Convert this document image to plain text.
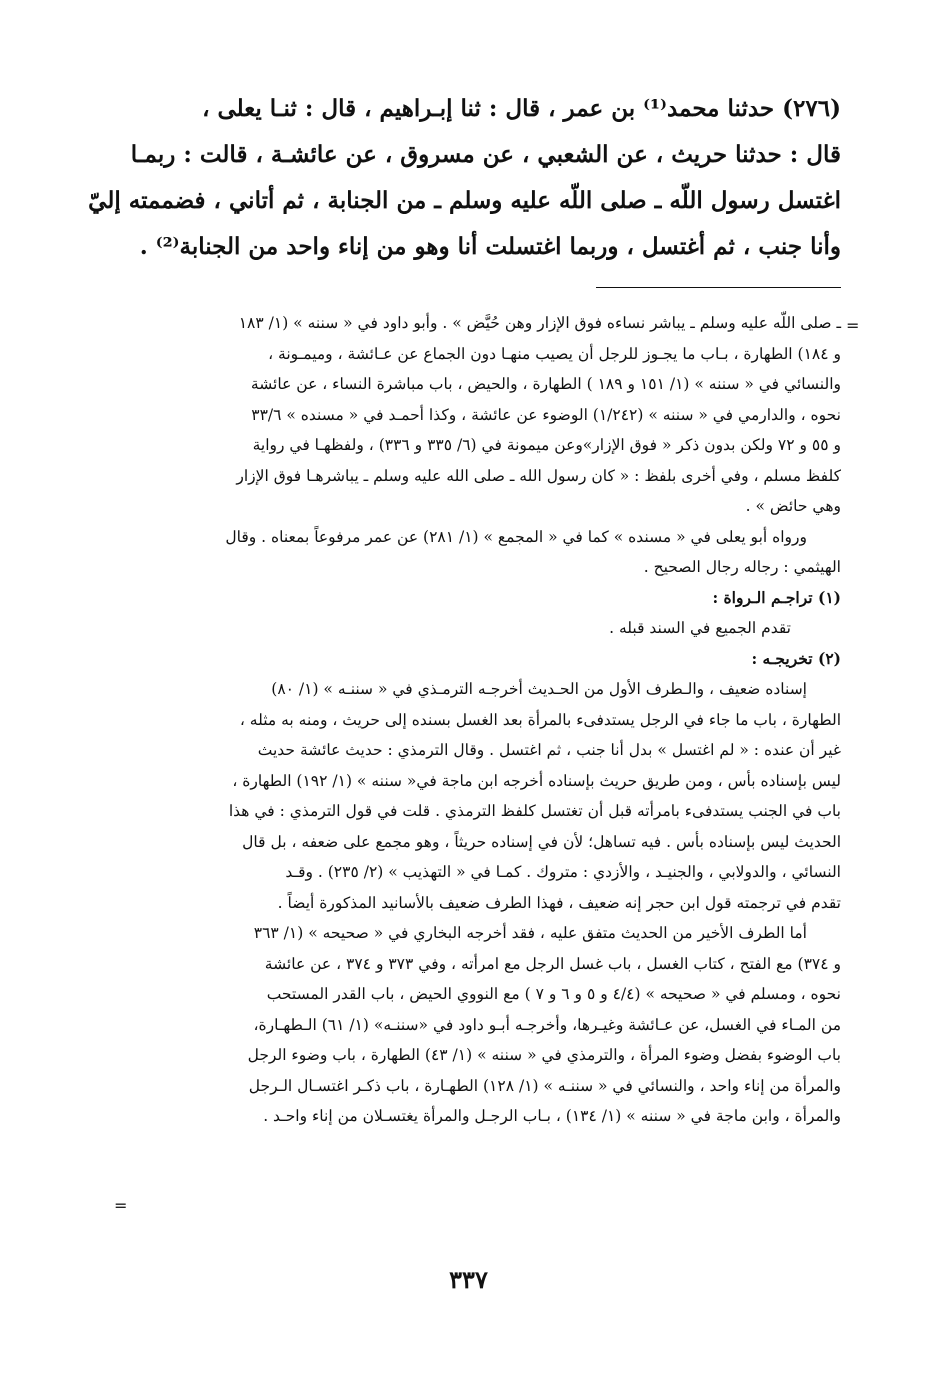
(٢٧٦) حدثنا محمد⁽¹⁾ بن عمر ، قال : ثنا إبـراهيم ، قال : ثنـا يعلى ،
قال : حدثنا حريث ، عن الشعبي ، عن مسروق ، عن عائشـة ، قالت : ربمـا
اغتسل رسول اللّه ـ صلى اللّه عليه وسلم ـ من الجنابة ، ثم أتاني ، فضممته إليّ
وأنا جنب ، ثم أغتسل ، وربما اغتسلت أنا وهو من إناء واحد من الجنابة⁽²⁾ .
=
ـ صلى اللّه عليه وسلم ـ يباشر نساءه فوق الإزار وهن حُيَّض » . وأبو داود في « سننه » (١/ ١٨٣
و ١٨٤) الطهارة ، بـاب ما يجـوز للرجل أن يصيب منهـا دون الجماع عن عـائشة ، وميمـونة ،
والنسائي في « سننه » (١/ ١٥١ و ١٨٩ ) الطهارة ، والحيض ، باب مباشرة النساء ، عن عائشة
نحوه ، والدارمي في « سننه » (١/٢٤٢) الوضوء عن عائشة ، وكذا أحمـد في « مسنده » ٣٣/٦
و ٥٥ و ٧٢ ولكن بدون ذكر « فوق الإزار»وعن ميمونة في (٦/ ٣٣٥ و ٣٣٦) ، ولفظهـا في رواية
كلفظ مسلم ، وفي أخرى بلفظ : « كان رسول الله ـ صلى الله عليه وسلم ـ يباشرهـا فوق الإزار
وهي حائض » .
ورواه أبو يعلى في « مسنده » كما في « المجمع » (١/ ٢٨١) عن عمر مرفوعاً بمعناه . وقال
الهيثمي : رجاله رجال الصحيح .
(١) تراجـم الـرواة :
تقدم الجميع في السند قبله .
(٢) تخريجـه :
إسناده ضعيف ، والـطرف الأول من الحـديث أخرجـه الترمـذي في « سننـه » (١/ ٨٠)
الطهارة ، باب ما جاء في الرجل يستدفىء بالمرأة بعد الغسل بسنده إلى حريث ، ومنه به مثله ،
غير أن عنده : « لم اغتسل » بدل أنا جنب ، ثم اغتسل . وقال الترمذي : حديث عائشة حديث
ليس بإسناده بأس ، ومن طريق حريث بإسناده أخرجه ابن ماجة في« سننه » (١/ ١٩٢) الطهارة ،
باب في الجنب يستدفىء بامرأته قبل أن تغتسل كلفظ الترمذي . قلت في قول الترمذي : في هذا
الحديث ليس بإسناده بأس . فيه تساهل؛ لأن في إسناده حريثاً ، وهو مجمع على ضعفه ، بل قال
النسائي ، والدولابي ، والجنيـد ، والأزدي : متروك . كمـا في « التهذيب » (٢/ ٢٣٥) . وقـد
تقدم في ترجمته قول ابن حجر إنه ضعيف ، فهذا الطرف ضعيف بالأسانيد المذكورة أيضاً .
أما الطرف الأخير من الحديث متفق عليه ، فقد أخرجه البخاري في « صحيحه » (١/ ٣٦٣
و ٣٧٤) مع الفتح ، كتاب الغسل ، باب غسل الرجل مع امرأته ، وفي ٣٧٣ و ٣٧٤ ، عن عائشة
نحوه ، ومسلم في « صحيحه » (٤/٤ و ٥ و ٦ و ٧ ) مع النووي الحيض ، باب القدر المستحب
من المـاء في الغسل، عن عـائشة وغيـرها، وأخرجـه أبـو داود في «سننـه» (١/ ٦١) الـطهـارة،
باب الوضوء بفضل وضوء المرأة ، والترمذي في « سننه » (١/ ٤٣) الطهارة ، باب وضوء الرجل
والمرأة من إناء واحد ، والنسائي في « سننـه » (١/ ١٢٨) الطهـارة ، باب ذكـر اغتسـال الـرجل
والمرأة ، وابن ماجة في « سننه » (١/ ١٣٤) ، بـاب الرجـل والمرأة يغتسـلان من إناء واحـد .
=
٣٣٧
